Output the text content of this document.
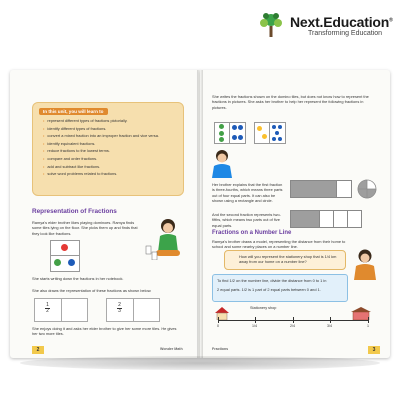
Next.Education®
Transforming Education
In this unit, you will learn to
• represent different types of fractions pictorially.
• identify different types of fractions.
• convert a mixed fraction into an improper fraction and vice versa.
• identify equivalent fractions.
• reduce fractions to the lowest terms.
• compare and order fractions.
• add and subtract like fractions.
• solve word problems related to fractions.
Representation of Fractions
Ramya's elder brother likes playing dominoes. Ramya finds some tiles lying on the floor. She picks them up and finds that they look like fractions.
She starts writing down the fractions in her notebook.
She also draws the representation of these fractions as shown below.
1
2
2
3
She enjoys doing it and asks her elder brother to give her some more tiles. He gives her two more tiles.
2	Wonder Math
She writes the fractions shown on the domino tiles, but does not know how to represent the fractions in pictures. She asks her brother to help her represent the following fractions in pictures.
Her brother explains that the first fraction is three-fourths, which means three parts out of four equal parts. It can also be shown using a rectangle and circle.
And the second fraction represents two-fifths, which means two parts out of five equal parts.
Fractions on a Number Line
Ramya's brother draws a model, representing the distance from their home to school and some nearby places on a number line.
How will you represent the stationery shop that is 1/4 km away from our home on a number line?
To find 1/2 on the number line, divide the distance from 0 to 1 in
2 equal parts. 1/2 is 1 part of 2 equal parts between 0 and 1.
Stationery shop
0	1/4	2/4	3/4	1
Fractions	3
